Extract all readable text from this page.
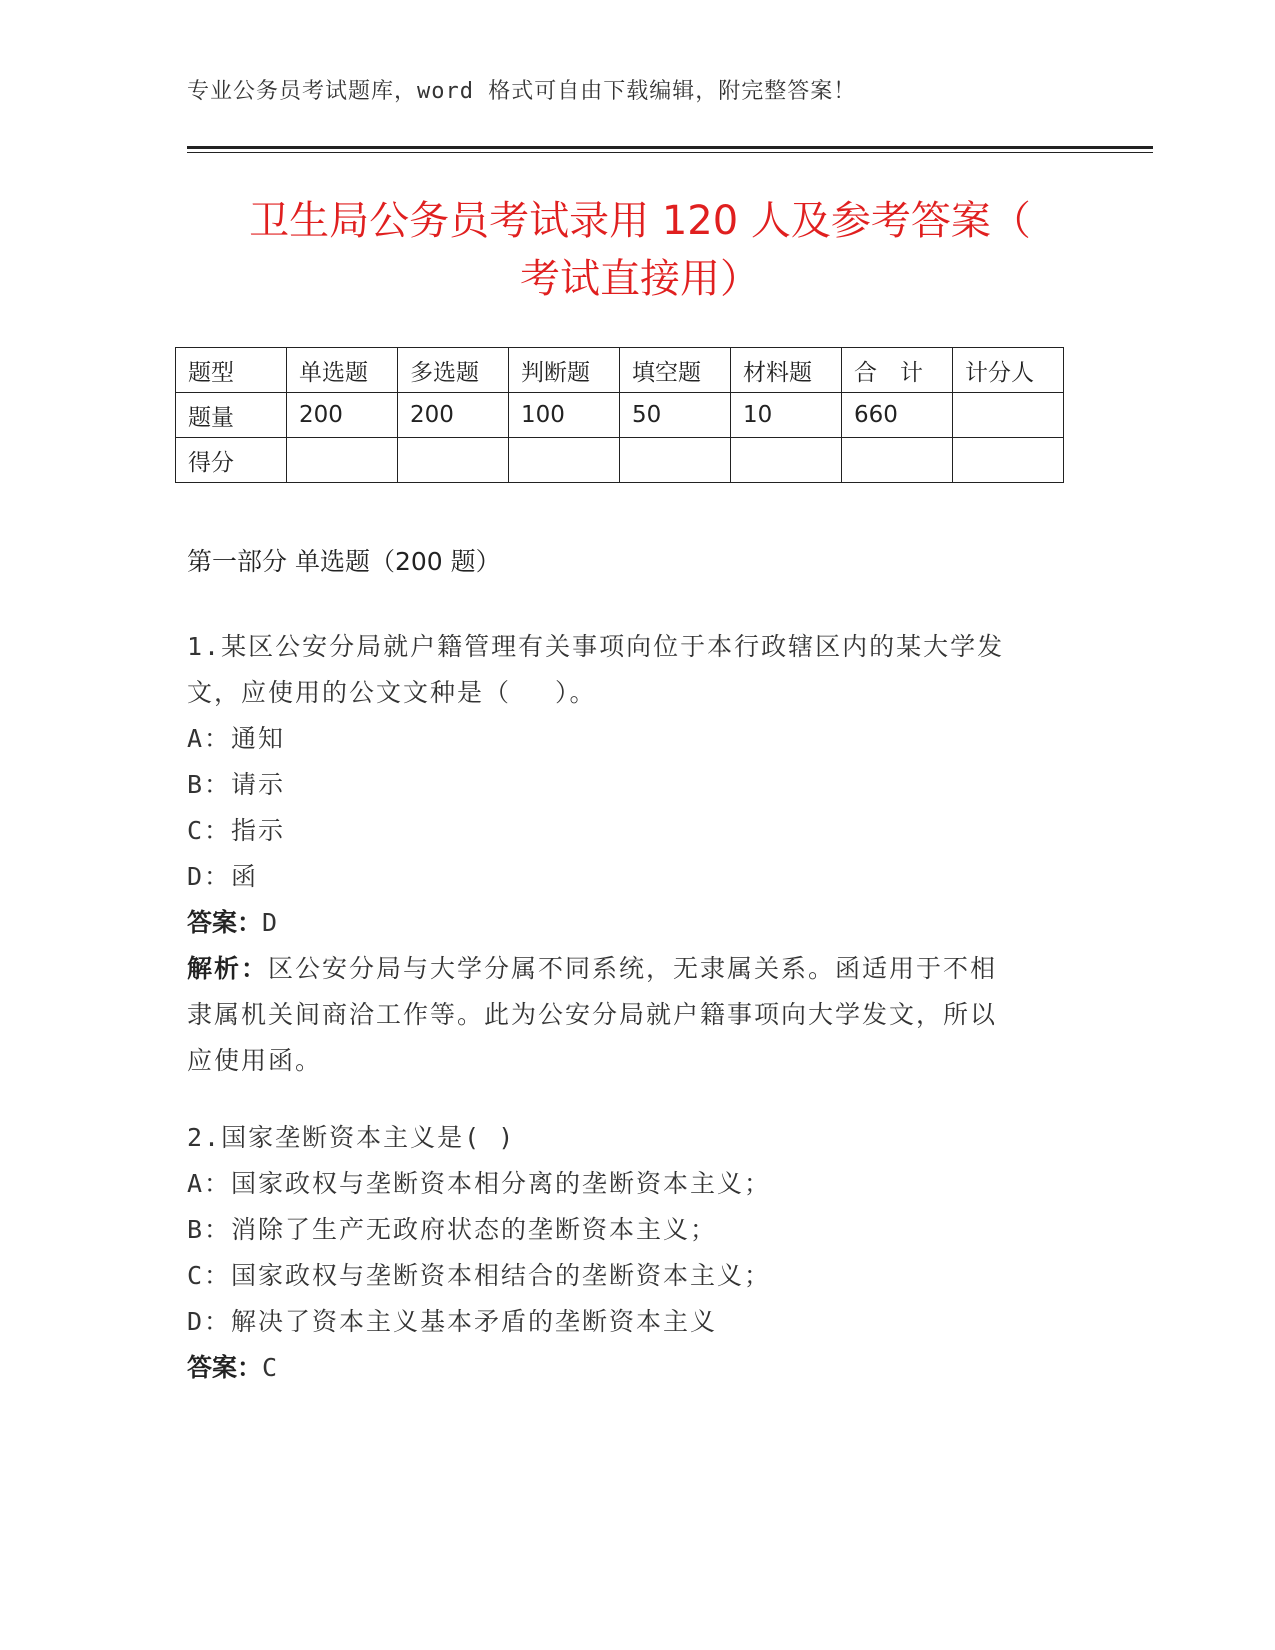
专业公务员考试题库，word 格式可自由下载编辑，附完整答案！
卫生局公务员考试录用 120 人及参考答案（
考试直接用）
题型	单选题	多选题	判断题	填空题	材料题	合　计	计分人
题量	200	200	100	50	10	660	
得分							
第一部分 单选题（200 题）
1.某区公安分局就户籍管理有关事项向位于本行政辖区内的某大学发
文，应使用的公文文种是（　 ）。
A：通知
B：请示
C：指示
D：函
答案：D
解析：区公安分局与大学分属不同系统，无隶属关系。函适用于不相
隶属机关间商洽工作等。此为公安分局就户籍事项向大学发文，所以
应使用函。
2.国家垄断资本主义是( )
A：国家政权与垄断资本相分离的垄断资本主义；
B：消除了生产无政府状态的垄断资本主义；
C：国家政权与垄断资本相结合的垄断资本主义；
D：解决了资本主义基本矛盾的垄断资本主义
答案：C
